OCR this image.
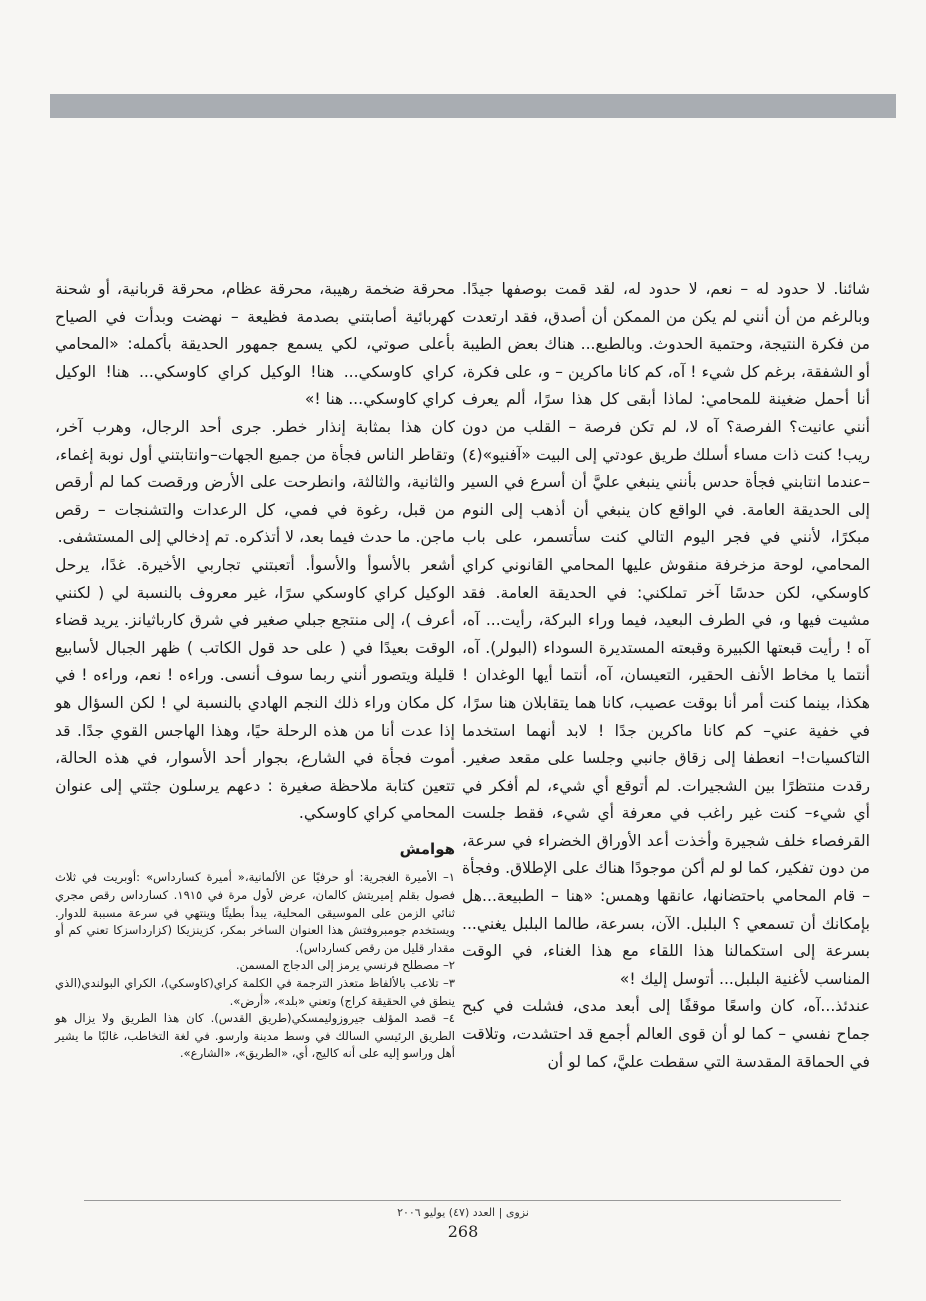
شائنا. لا حدود له – نعم، لا حدود له، لقد قمت بوصفها جيدًا. وبالرغم من أن أنني لم يكن من الممكن أن أصدق، فقد ارتعدت من فكرة النتيجة، وحتمية الحدوث. وبالطبع... هناك بعض الطيبة أو الشفقة، برغم كل شيء ! آه، كم كانا ماكرين – و، على فكرة، أنا أحمل ضغينة للمحامي: لماذا أبقى كل هذا سرًا، ألم يعرف أنني عانيت؟ الفرصة؟ آه لا، لم تكن فرصة – القلب من دون ريب! كنت ذات مساء أسلك طريق عودتي إلى البيت «آفنيو»(٤) –عندما انتابني فجأة حدس بأنني ينبغي عليَّ أن أسرع في السير إلى الحديقة العامة. في الواقع كان ينبغي أن أذهب إلى النوم مبكرًا، لأنني في فجر اليوم التالي كنت سأتسمر، على باب المحامي، لوحة مزخرفة منقوش عليها المحامي القانوني كراي كاوسكي، لكن حدسًا آخر تملكني: في الحديقة العامة. فقد مشيت فيها و، في الطرف البعيد، فيما وراء البركة، رأيت... آه، آه ! رأيت قبعتها الكبيرة وقبعته المستديرة السوداء (البولر). آه، أنتما يا مخاط الأنف الحقير، التعيسان، آه، أنتما أيها الوغدان ! هكذا، بينما كنت أمر أنا بوقت عصيب، كانا هما يتقابلان هنا سرًا، في خفية عني– كم كانا ماكرين جدًا ! لابد أنهما استخدما التاكسيات!– انعطفا إلى زقاق جانبي وجلسا على مقعد صغير. رقدت منتظرًا بين الشجيرات. لم أتوقع أي شيء، لم أفكر في أي شيء– كنت غير راغب في معرفة أي شيء، فقط جلست القرفصاء خلف شجيرة وأخذت أعد الأوراق الخضراء في سرعة، من دون تفكير، كما لو لم أكن موجودًا هناك على الإطلاق. وفجأة – قام المحامي باحتضانها، عانقها وهمس: «هنا – الطبيعة...هل بإمكانك أن تسمعي ؟ البلبل. الآن، بسرعة، طالما البلبل يغني... بسرعة إلى استكمالنا هذا اللقاء مع هذا الغناء، في الوقت المناسب لأغنية البلبل... أتوسل إليك !»

عندئذ...آه، كان واسعًا موقفًا إلى أبعد مدى، فشلت في كبح جماح نفسي – كما لو أن قوى العالم أجمع قد احتشدت، وتلاقت في الحماقة المقدسة التي سقطت عليَّ، كما لو أن

محرقة ضخمة رهيبة، محرقة عظام، محرقة قربانية، أو شحنة كهربائية أصابتني بصدمة فظيعة – نهضت وبدأت في الصياح بأعلى صوتي، لكي يسمع جمهور الحديقة بأكمله: «المحامي كراي كاوسكي... هنا! الوكيل كراي كاوسكي... هنا! الوكيل كراي كاوسكي... هنا !»

كان هذا بمثابة إنذار خطر. جرى أحد الرجال، وهرب آخر، وتقاطر الناس فجأة من جميع الجهات–وانتابتني أول نوبة إغماء، والثانية، والثالثة، وانطرحت على الأرض ورقصت كما لم أرقص من قبل، رغوة في فمي، كل الرعدات والتشنجات – رقص ماجن. ما حدث فيما بعد، لا أتذكره. تم إدخالي إلى المستشفى.

أشعر بالأسوأ والأسوأ. أتعبتني تجاربي الأخيرة. غدًا، يرحل الوكيل كراي كاوسكي سرًا، غير معروف بالنسبة لي ( لكنني أعرف )، إلى منتجع جبلي صغير في شرق كارباثيانز. يريد قضاء الوقت بعيدًا في ( على حد قول الكاتب ) ظهر الجبال لأسابيع قليلة ويتصور أنني ربما سوف أنسى. وراءه ! نعم، وراءه ! في كل مكان وراء ذلك النجم الهادي بالنسبة لي ! لكن السؤال هو إذا عدت أنا من هذه الرحلة حيًا، وهذا الهاجس القوي جدًا. قد أموت فجأة في الشارع، بجوار أحد الأسوار، في هذه الحالة، تتعين كتابة ملاحظة صغيرة : دعهم يرسلون جثتي إلى عنوان المحامي كراي كاوسكي.

هوامش

١– الأميرة الغجرية: أو حرفيًا عن الألمانية،« أميرة كسارداس» :أوبريت في ثلاث فصول بقلم إميريتش كالمان، عرض لأول مرة في ١٩١٥. كسارداس رقص مجري ثنائي الزمن على الموسيقى المحلية، يبدأ بطيئًا وينتهي في سرعة مسببة للدوار. ويستخدم جومبروفتش هذا العنوان الساخر بمكر، كزينزيكا (كزارداسزكا تعني كم أو مقدار قليل من رقص كسارداس).

٢– مصطلح فرنسي يرمز إلى الدجاج المسمن.

٣– تلاعب بالألفاظ متعذر الترجمة في الكلمة كراي(كاوسكي)، الكراي البولندي(الذي ينطق في الحقيقة كراج) وتعني «بلد»، «أرض».

٤– قصد المؤلف جيروزوليمسكي(طريق القدس). كان هذا الطريق ولا يزال هو الطريق الرئيسي السالك في وسط مدينة وارسو. في لغة التخاطب، غالبًا ما يشير أهل وراسو إليه على أنه كاليج، أي، «الطريق»، «الشارع».

نزوى | العدد (٤٧) يوليو ٢٠٠٦
268
